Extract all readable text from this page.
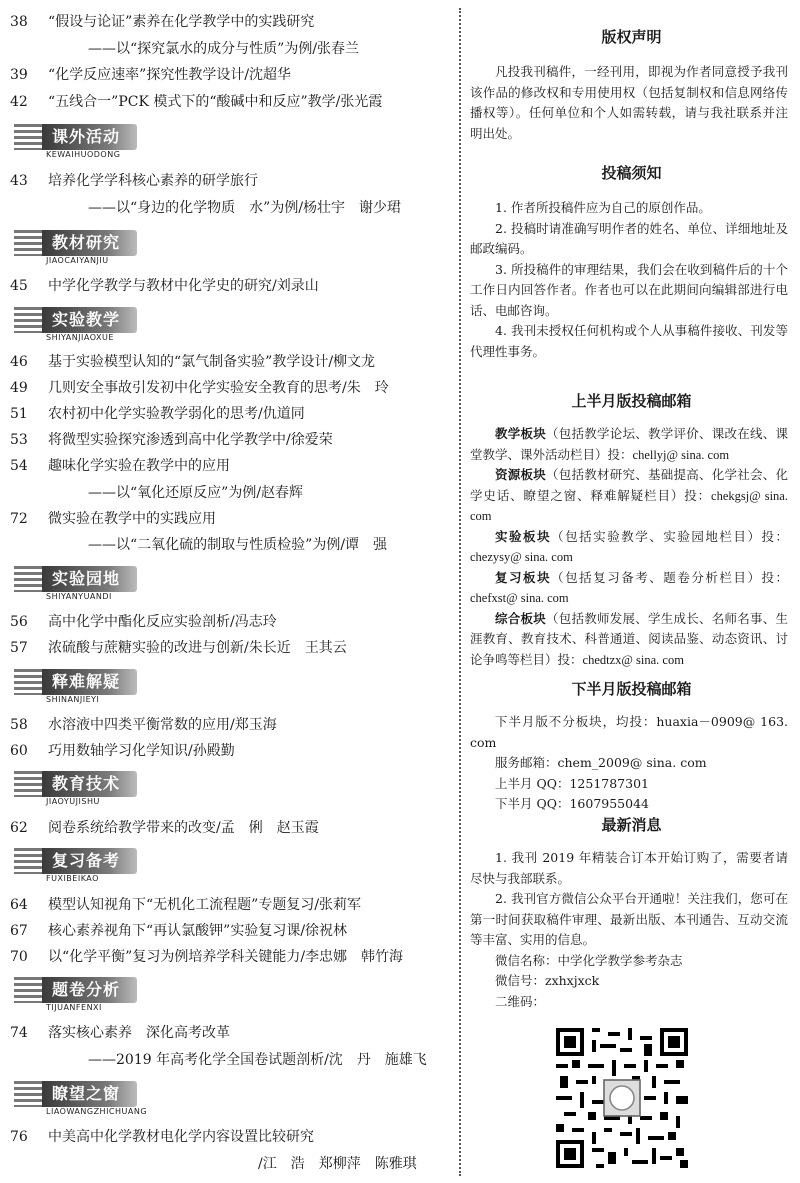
38 “假设与论证”素养在化学教学中的实践研究
——以“探究氯水的成分与性质”为例/张春兰
39 “化学反应速率”探究性教学设计/沈超华
42 “五线合一”PCK 模式下的“酸碱中和反应”教学/张光霞
课外活动
KEWAIHUODONG
43 培养化学学科核心素养的研学旅行
——以“身边的化学物质　水”为例/杨壮宇　谢少珺
教材研究
JIAOCAIYANJIU
45 中学化学教学与教材中化学史的研究/刘录山
实验教学
SHIYANJIAOXUE
46 基于实验模型认知的“氯气制备实验”教学设计/柳文龙
49 几则安全事故引发初中化学实验安全教育的思考/朱　玲
51 农村初中化学实验教学弱化的思考/仇道同
53 将微型实验探究渗透到高中化学教学中/徐爱荣
54 趣味化学实验在教学中的应用
——以“氧化还原反应”为例/赵春辉
72 微实验在教学中的实践应用
——以“二氧化硫的制取与性质检验”为例/谭　强
实验园地
SHIYANYUANDI
56 高中化学中酯化反应实验剖析/冯志玲
57 浓硫酸与蔗糖实验的改进与创新/朱长近　王其云
释难解疑
SHINANJIEYI
58 水溶液中四类平衡常数的应用/郑玉海
60 巧用数轴学习化学知识/孙殿勤
教育技术
JIAOYUJISHU
62 阅卷系统给教学带来的改变/孟　俐　赵玉霞
复习备考
FUXIBEIKAO
64 模型认知视角下“无机化工流程题”专题复习/张莉军
67 核心素养视角下“再认氯酸钾”实验复习课/徐祝林
70 以“化学平衡”复习为例培养学科关键能力/李忠娜　韩竹海
题卷分析
TIJUANFENXI
74 落实核心素养　深化高考改革
——2019 年高考化学全国卷试题剖析/沈　丹　施雄飞
瞭望之窗
LIAOWANGZHICHUANG
76 中美高中化学教材电化学内容设置比较研究
/江　浩　郑柳萍　陈雅琪
版权声明

凡投我刊稿件，一经刊用，即视为作者同意授予我刊该作品的修改权和专用使用权（包括复制权和信息网络传播权等）。任何单位和个人如需转载，请与我社联系并注明出处。

投稿须知

1. 作者所投稿件应为自己的原创作品。

2. 投稿时请准确写明作者的姓名、单位、详细地址及邮政编码。

3. 所投稿件的审理结果，我们会在收到稿件后的十个工作日内回答作者。作者也可以在此期间向编辑部进行电话、电邮咨询。

4. 我刊未授权任何机构或个人从事稿件接收、刊发等代理性事务。

上半月版投稿邮箱

教学板块（包括教学论坛、教学评价、课改在线、课堂教学、课外活动栏目）投：chellyj@ sina. com

资源板块（包括教材研究、基础提高、化学社会、化学史话、瞭望之窗、释难解疑栏目）投：chekgsj@ sina. com

实验板块（包括实验教学、实验园地栏目）投：chezysy@ sina. com

复习板块（包括复习备考、题卷分析栏目）投：chefxst@ sina. com

综合板块（包括教师发展、学生成长、名师名事、生涯教育、教育技术、科普通道、阅读品鉴、动态资讯、讨论争鸣等栏目）投：chedtzx@ sina. com

下半月版投稿邮箱

下半月版不分板块，均投：huaxia－0909@ 163. com

服务邮箱：chem_2009@ sina. com

上半月 QQ：1251787301

下半月 QQ：1607955044

最新消息

1. 我刊 2019 年精装合订本开始订购了，需要者请尽快与我部联系。

2. 我刊官方微信公众平台开通啦！关注我们，您可在第一时间获取稿件审理、最新出版、本刊通告、互动交流等丰富、实用的信息。

微信名称：中学化学教学参考杂志

微信号：zxhxjxck

二维码：
